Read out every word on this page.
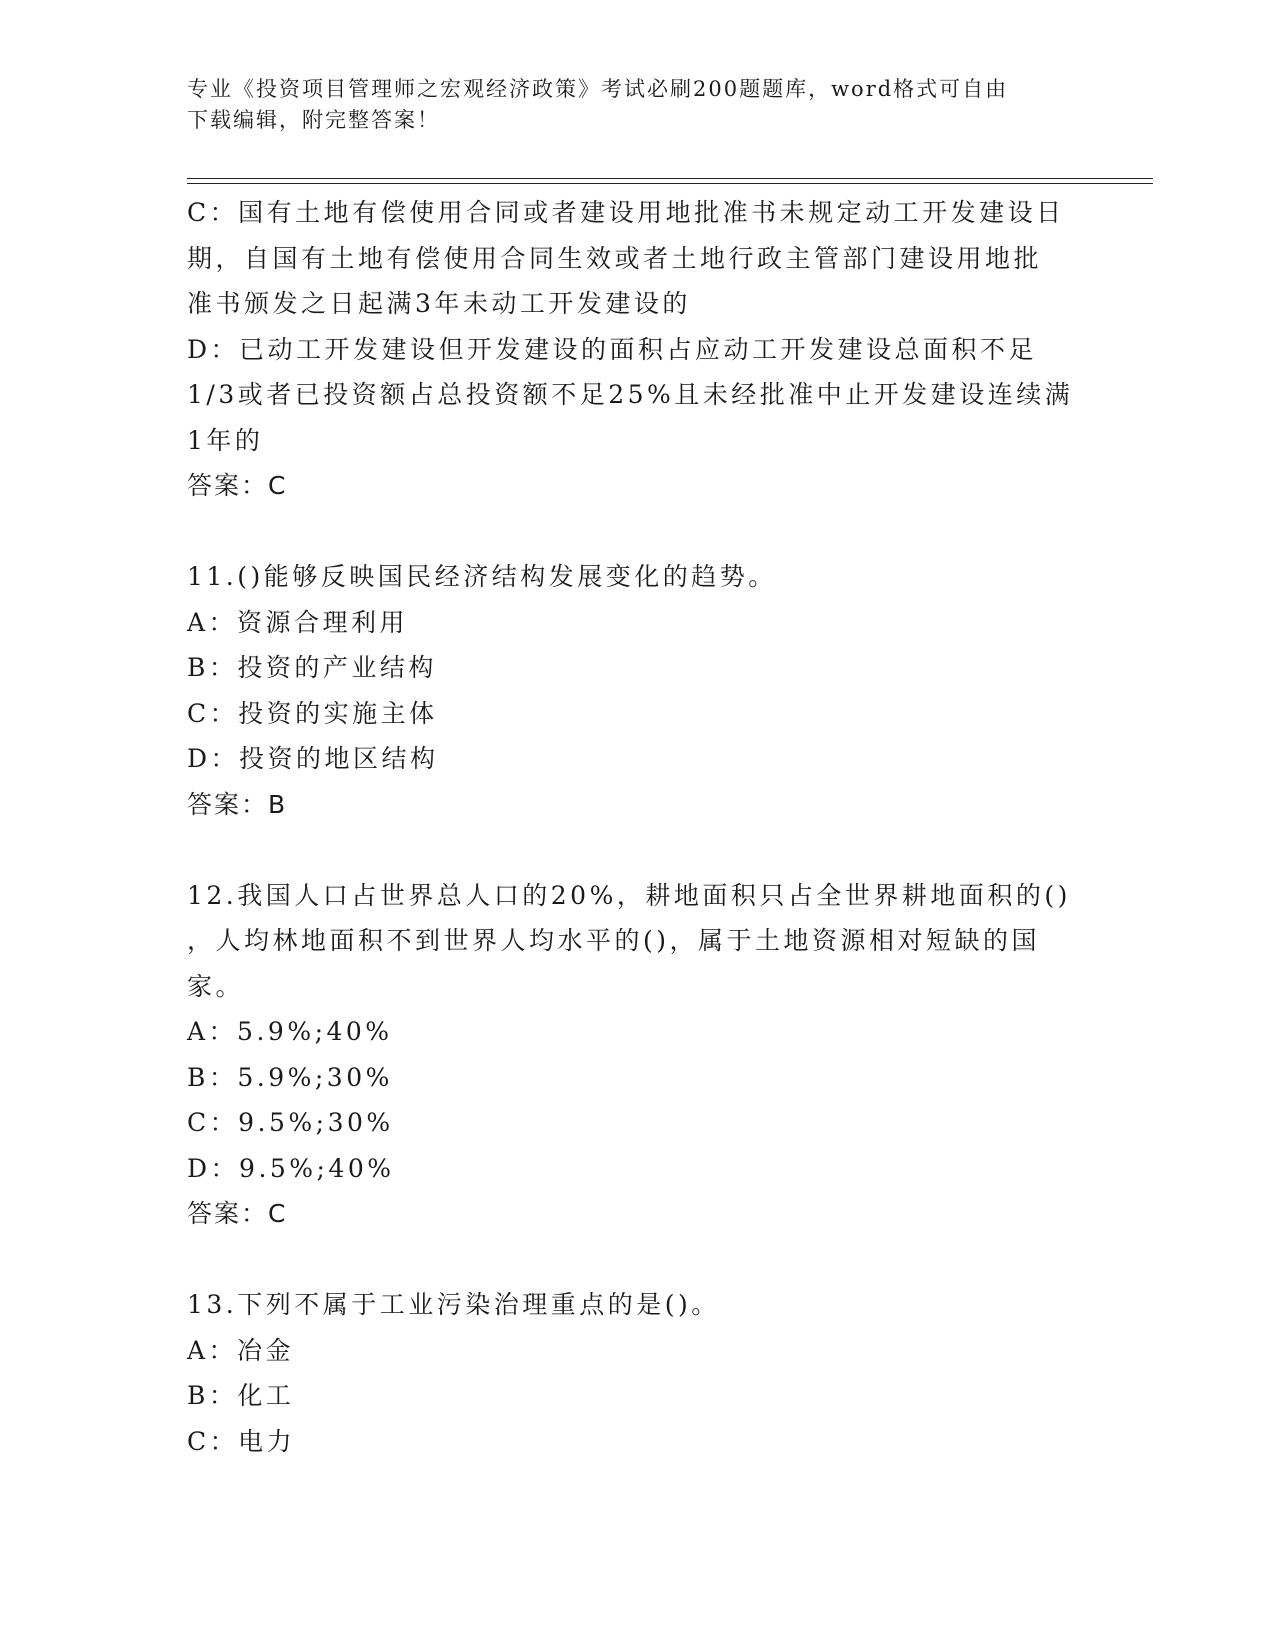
专业《投资项目管理师之宏观经济政策》考试必刷200题题库，word格式可自由
下载编辑，附完整答案！
C：国有土地有偿使用合同或者建设用地批准书未规定动工开发建设日
期，自国有土地有偿使用合同生效或者土地行政主管部门建设用地批
准书颁发之日起满3年未动工开发建设的
D：已动工开发建设但开发建设的面积占应动工开发建设总面积不足
1/3或者已投资额占总投资额不足25%且未经批准中止开发建设连续满
1年的
答案：C
11.()能够反映国民经济结构发展变化的趋势。
A：资源合理利用
B：投资的产业结构
C：投资的实施主体
D：投资的地区结构
答案：B
12.我国人口占世界总人口的20%，耕地面积只占全世界耕地面积的()
，人均林地面积不到世界人均水平的()，属于土地资源相对短缺的国
家。
A：5.9%;40%
B：5.9%;30%
C：9.5%;30%
D：9.5%;40%
答案：C
13.下列不属于工业污染治理重点的是()。
A：冶金
B：化工
C：电力
